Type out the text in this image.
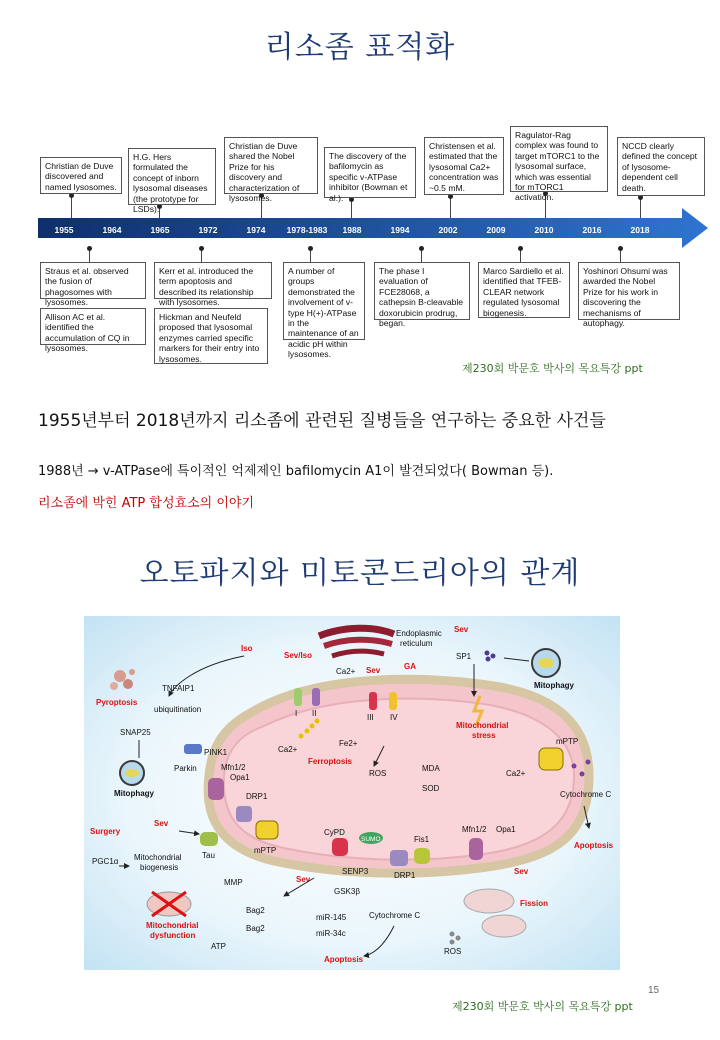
리소좀 표적화
1955	1964	1965	1972	1974 1978-1983 1988	1994	2002	2009	2010	2016	2018
Christian de Duve discovered and named lysosomes.
H.G. Hers formulated the concept of inborn lysosomal diseases (the prototype for LSDs).
Christian de Duve shared the Nobel Prize for his discovery and characterization of lysosomes.
The discovery of the bafilomycin as specific v-ATPase inhibitor (Bowman et al.).
Christensen et al. estimated that the lysosomal Ca2+ concentration was ~0.5 mM.
Ragulator-Rag complex was found to target mTORC1 to the lysosomal surface, which was essential for mTORC1 activation.
NCCD clearly defined the concept of lysosome-dependent cell death.
Straus et al. observed the fusion of phagosomes with lysosomes.
Allison AC et al. identified the accumulation of CQ in lysosomes.
Kerr et al. introduced the term apoptosis and described its relationship with lysosomes.
Hickman and Neufeld proposed that lysosomal enzymes carried specific markers for their entry into lysosomes.
A number of groups demonstrated the involvement of v-type H(+)-ATPase in the maintenance of an acidic pH within lysosomes.
The phase I evaluation of FCE28068, a cathepsin B-cleavable doxorubicin prodrug, began.
Marco Sardiello et al. identified that TFEB-CLEAR network regulated lysosomal biogenesis.
Yoshinori Ohsumi was awarded the Nobel Prize for his work in discovering the mechanisms of autophagy.
제230회 박문호 박사의 목요특강 ppt
1955년부터 2018년까지 리소좀에 관련된 질병들을 연구하는 중요한 사건들
1988년 → v-ATPase에 특이적인 억제제인 bafilomycin A1이 발견되었다( Bowman 등).
리소좀에 박힌 ATP 합성효소의 이야기
오토파지와 미토콘드리아의 관계
Endoplasmic
reticulum
Iso
Ca2+
Sev
SP1
Mitophagy
Sev/Iso
Sev	GA
I II	III IV
TNFAIP1
ubiquitination
Pyroptosis
SNAP25
PINK1
Parkin
Mitophagy
Mfn1/2
Opa1
DRP1
Sev
Tau
Surgery
PGC1α Mitochondrial
biogenesis
Mitochondrial
dysfunction
MMP
Bag2
Bag2
ATP
mPTP
Fe2+
Ferroptosis
Ca2+
ROS
MDA
SOD
Mitochondrial
stress
mPTP
Ca2+
Cytochrome C
Apoptosis
CyPD
SUMO
Sev
SENP3
GSK3β
DRP1
Fis1
miR-145
miR-34c
Cytochrome C
Apoptosis
Mfn1/2 Opa1
Sev
Fission
ROS
15
제230회 박문호 박사의 목요특강 ppt
